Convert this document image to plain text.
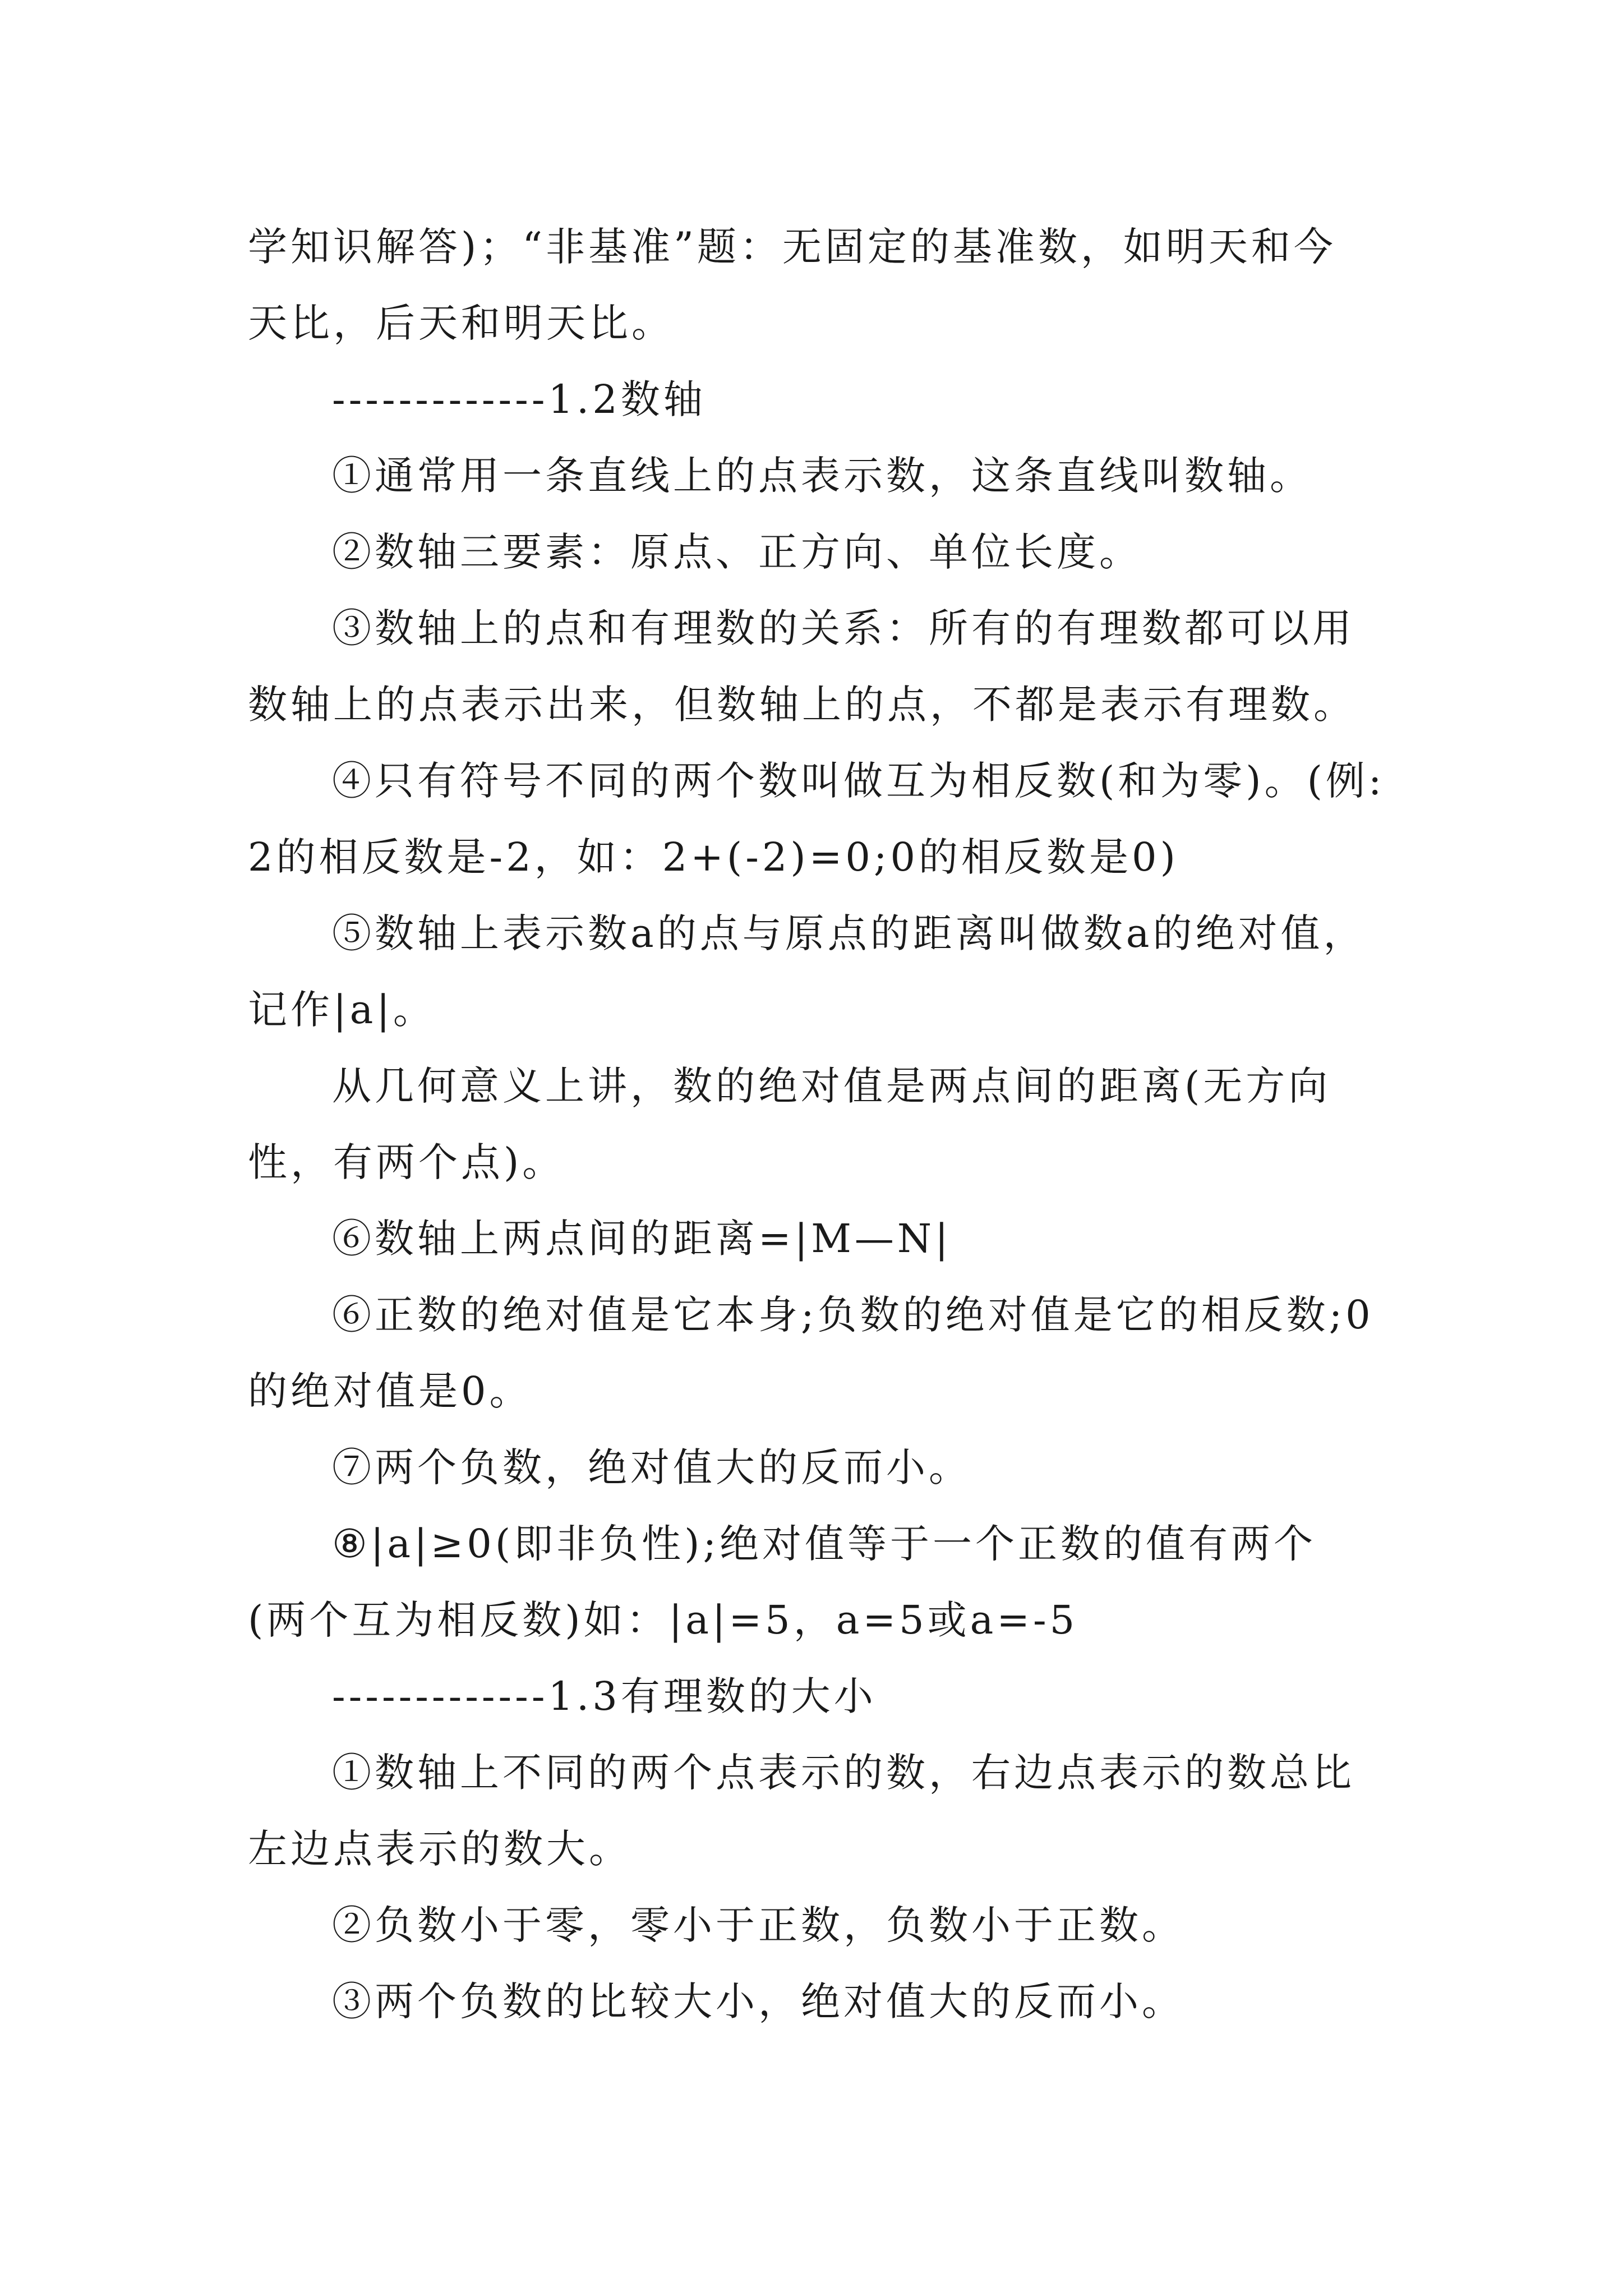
学知识解答)；“非基准”题：无固定的基准数，如明天和今
天比，后天和明天比。
-------------1.2数轴
①通常用一条直线上的点表示数，这条直线叫数轴。
②数轴三要素：原点、正方向、单位长度。
③数轴上的点和有理数的关系：所有的有理数都可以用
数轴上的点表示出来，但数轴上的点，不都是表示有理数。
④只有符号不同的两个数叫做互为相反数(和为零)。(例:
2的相反数是-2，如：2+(-2)=0;0的相反数是0)
⑤数轴上表示数a的点与原点的距离叫做数a的绝对值，
记作|a|。
从几何意义上讲，数的绝对值是两点间的距离(无方向
性，有两个点)。
⑥数轴上两点间的距离=|M—N|
⑥正数的绝对值是它本身;负数的绝对值是它的相反数;0
的绝对值是0。
⑦两个负数，绝对值大的反而小。
⑧|a|≥0(即非负性);绝对值等于一个正数的值有两个
(两个互为相反数)如：|a|=5，a=5或a=-5
-------------1.3有理数的大小
①数轴上不同的两个点表示的数，右边点表示的数总比
左边点表示的数大。
②负数小于零，零小于正数，负数小于正数。
③两个负数的比较大小，绝对值大的反而小。
